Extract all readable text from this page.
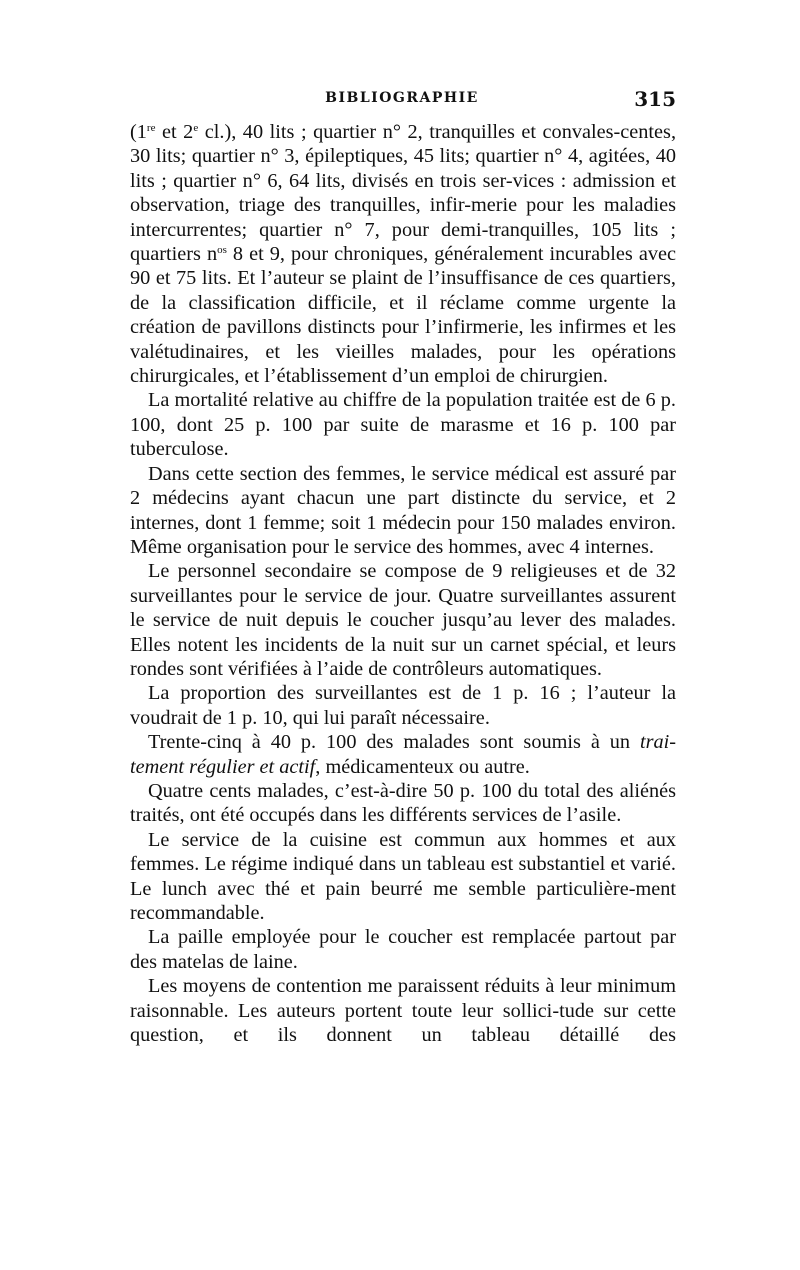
BIBLIOGRAPHIE	315

(1re et 2e cl.), 40 lits ; quartier n° 2, tranquilles et convales-centes, 30 lits; quartier n° 3, épileptiques, 45 lits; quartier n° 4, agitées, 40 lits ; quartier n° 6, 64 lits, divisés en trois ser-vices : admission et observation, triage des tranquilles, infir-merie pour les maladies intercurrentes; quartier n° 7, pour demi-tranquilles, 105 lits ; quartiers $n^{os}$ 8 et 9, pour chroniques, généralement incurables avec 90 et 75 lits. Et l’auteur se plaint de l’insuffisance de ces quartiers, de la classification difficile, et il réclame comme urgente la création de pavillons distincts pour l’infirmerie, les infirmes et les valétudinaires, et les vieilles malades, pour les opérations chirurgicales, et l’établissement d’un emploi de chirurgien.

La mortalité relative au chiffre de la population traitée est de 6 p. 100, dont 25 p. 100 par suite de marasme et 16 p. 100 par tuberculose.

Dans cette section des femmes, le service médical est assuré par 2 médecins ayant chacun une part distincte du service, et 2 internes, dont 1 femme; soit 1 médecin pour 150 malades environ. Même organisation pour le service des hommes, avec 4 internes.

Le personnel secondaire se compose de 9 religieuses et de 32 surveillantes pour le service de jour. Quatre surveillantes assurent le service de nuit depuis le coucher jusqu’au lever des malades. Elles notent les incidents de la nuit sur un carnet spécial, et leurs rondes sont vérifiées à l’aide de contrôleurs automatiques.

La proportion des surveillantes est de 1 p. 16 ; l’auteur la voudrait de 1 p. 10, qui lui paraît nécessaire.

Trente-cinq à 40 p. 100 des malades sont soumis à un trai-tement régulier et actif, médicamenteux ou autre.

Quatre cents malades, c’est-à-dire 50 p. 100 du total des aliénés traités, ont été occupés dans les différents services de l’asile.

Le service de la cuisine est commun aux hommes et aux femmes. Le régime indiqué dans un tableau est substantiel et varié. Le lunch avec thé et pain beurré me semble particulière-ment recommandable.

La paille employée pour le coucher est remplacée partout par des matelas de laine.

Les moyens de contention me paraissent réduits à leur minimum raisonnable. Les auteurs portent toute leur sollici-tude sur cette question, et ils donnent un tableau détaillé des
